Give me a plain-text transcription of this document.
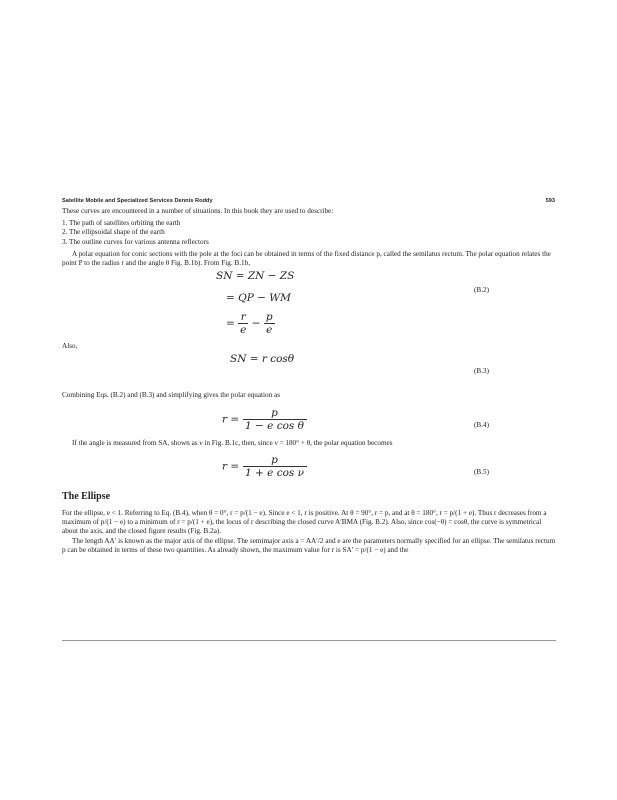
Satellite Mobile and Specialized Services Dennis Roddy	593

These curves are encountered in a number of situations. In this book they are used to describe:

1. The path of satellites orbiting the earth
2. The ellipsoidal shape of the earth
3. The outline curves for various antenna reflectors

A polar equation for conic sections with the pole at the foci can be obtained in terms of the fixed distance p, called the semilatus rectum. The polar equation relates the point P to the radius r and the angle θ Fig. B.1b). From Fig. B.1b,

SN = ZN − ZS
= QP − WM
= $\frac{r}{e} - \frac{p}{e}$
(B.2)

Also,

SN = r cosθ
(B.3)

Combining Eqs. (B.2) and (B.3) and simplifying gives the polar equation as

$r = \frac{p}{\text{1 − e cos θ}}$	(B.4)

If the angle is measured from SA, shown as ν in Fig. B.1c, then, since ν = 180° + θ, the polar equation becomes

$r = \frac{p}{\text{1 + e cos ν}}$	(B.5)
The Ellipse

For the ellipse, e < 1. Referring to Eq. (B.4), when θ = 0°, r = p/(1 − e). Since e < 1, r is positive. At θ = 90°, r = p, and at θ = 180°, r = p/(1 + e). Thus r decreases from a maximum of p/(1 − e) to a minimum of r = p/(1 + e), the locus of r describing the closed curve A′BMA (Fig. B.2). Also, since cos(−θ) = cosθ, the curve is symmetrical about the axis, and the closed figure results (Fig. B.2a).

The length AA′ is known as the major axis of the ellipse. The semimajor axis a = AA′/2 and e are the parameters normally specified for an ellipse. The semilatus rectum p can be obtained in terms of these two quantities. As already shown, the maximum value for r is SA′ = p/(1 − e) and the
